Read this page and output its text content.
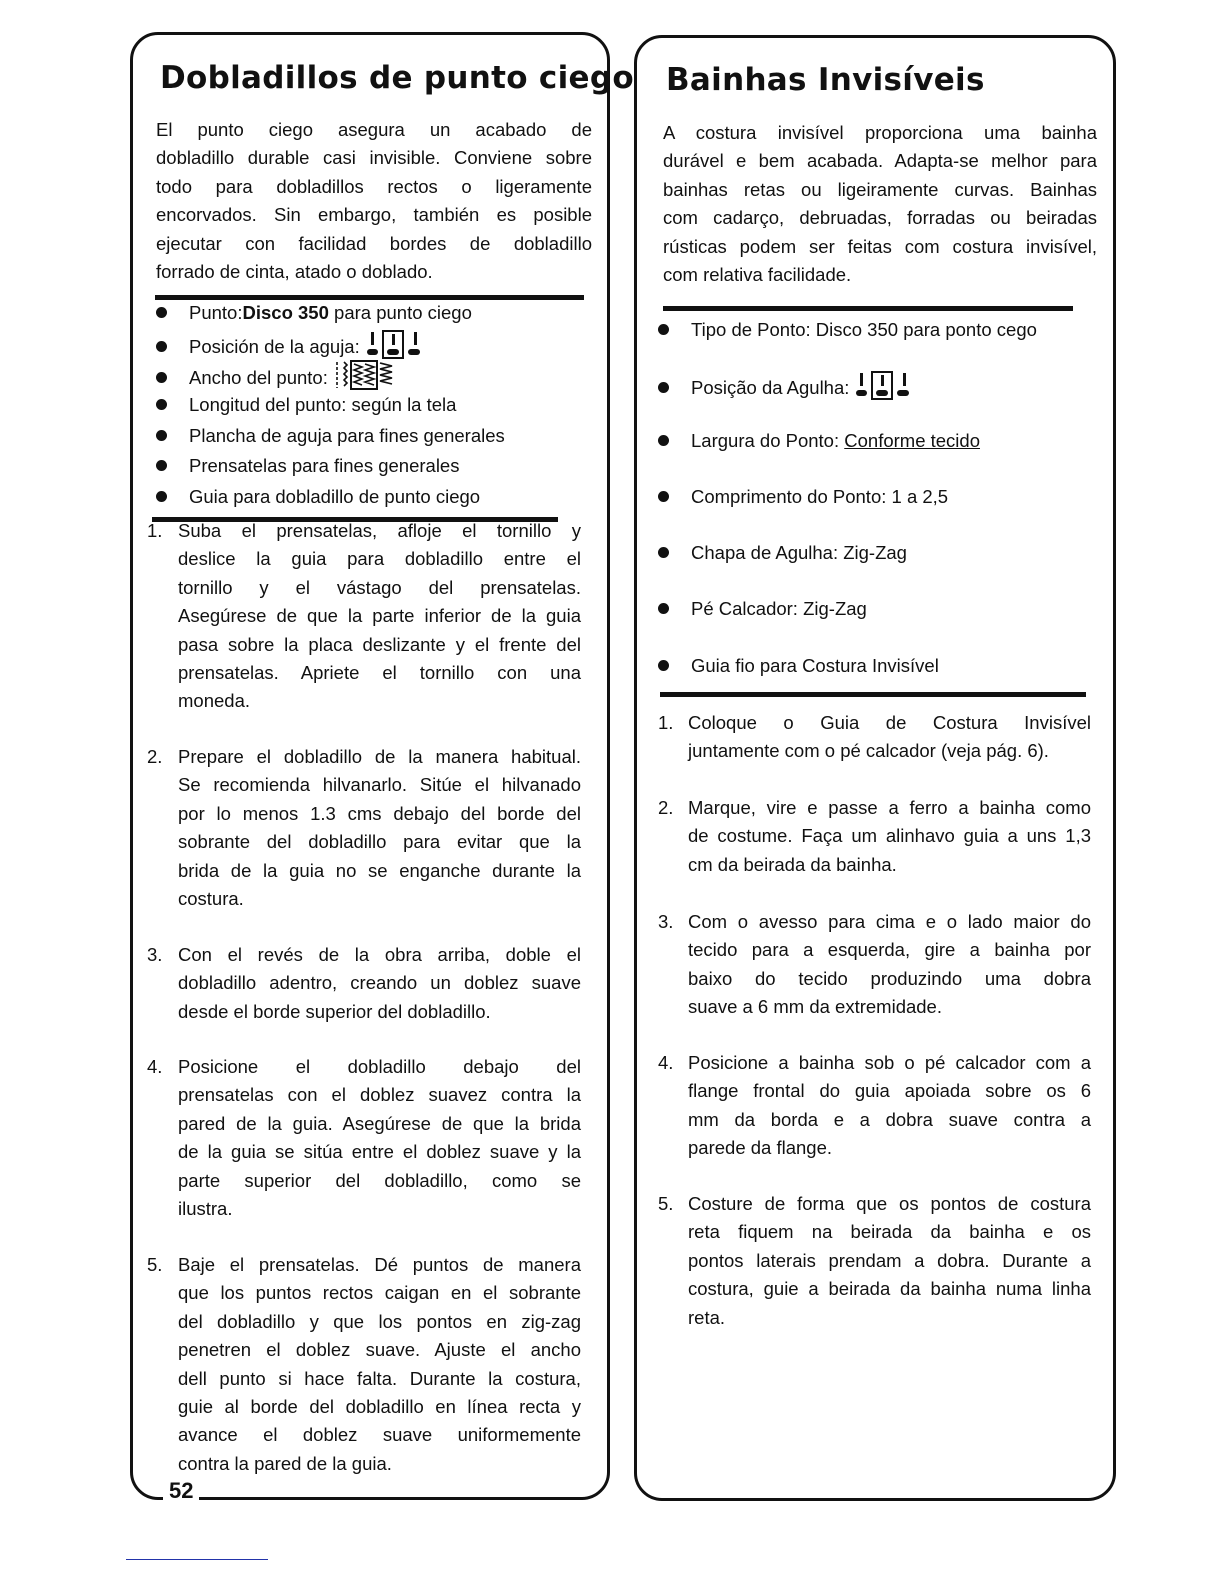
Dobladillos de punto ciego Bainhas Invisíveis
52
El punto ciego asegura un acabado de
dobladillo durable casi invisible. Conviene sobre
todo para dobladillos rectos o ligeramente
encorvados. Sin embargo, también es posible
ejecutar con facilidad bordes de dobladillo
forrado de cinta, atado o doblado.
Punto:Disco 350 para punto ciego
Posición de la aguja:
Ancho del punto:
Longitud del punto: según la tela
Plancha de aguja para fines generales
Prensatelas para fines generales
Guia para dobladillo de punto ciego
1. Suba el prensatelas, afloje el tornillo y
deslice la guia para dobladillo entre el
tornillo y el vástago del prensatelas.
Asegúrese de que la parte inferior de la guia
pasa sobre la placa deslizante y el frente del
prensatelas. Apriete el tornillo con una
moneda.
2. Prepare el dobladillo de la manera habitual.
Se recomienda hilvanarlo. Sitúe el hilvanado
por lo menos 1.3 cms debajo del borde del
sobrante del dobladillo para evitar que la
brida de la guia no se enganche durante la
costura.
3. Con el revés de la obra arriba, doble el
dobladillo adentro, creando un doblez suave
desde el borde superior del dobladillo.
4. Posicione el dobladillo debajo del
prensatelas con el doblez suavez contra la
pared de la guia. Asegúrese de que la brida
de la guia se sitúa entre el doblez suave y la
parte superior del dobladillo, como se
ilustra.
5. Baje el prensatelas. Dé puntos de manera
que los puntos rectos caigan en el sobrante
del dobladillo y que los pontos en zig-zag
penetren el doblez suave. Ajuste el ancho
dell punto si hace falta. Durante la costura,
guie al borde del dobladillo en línea recta y
avance el doblez suave uniformemente
contra la pared de la guia.
A costura invisível proporciona uma bainha
durável e bem acabada. Adapta-se melhor para
bainhas retas ou ligeiramente curvas. Bainhas
com cadarço, debruadas, forradas ou beiradas
rústicas podem ser feitas com costura invisível,
com relativa facilidade.
Tipo de Ponto: Disco 350 para ponto cego
Posição da Agulha:
Largura do Ponto: Conforme tecido
Comprimento do Ponto: 1 a 2,5
Chapa de Agulha: Zig-Zag
Pé Calcador: Zig-Zag
Guia fio para Costura Invisível
1. Coloque o Guia de Costura Invisível
juntamente com o pé calcador (veja pág. 6).
2. Marque, vire e passe a ferro a bainha como
de costume. Faça um alinhavo guia a uns 1,3
cm da beirada da bainha.
3. Com o avesso para cima e o lado maior do
tecido para a esquerda, gire a bainha por
baixo do tecido produzindo uma dobra
suave a 6 mm da extremidade.
4. Posicione a bainha sob o pé calcador com a
flange frontal do guia apoiada sobre os 6
mm da borda e a dobra suave contra a
parede da flange.
5. Costure de forma que os pontos de costura
reta fiquem na beirada da bainha e os
pontos laterais prendam a dobra. Durante a
costura, guie a beirada da bainha numa linha
reta.
